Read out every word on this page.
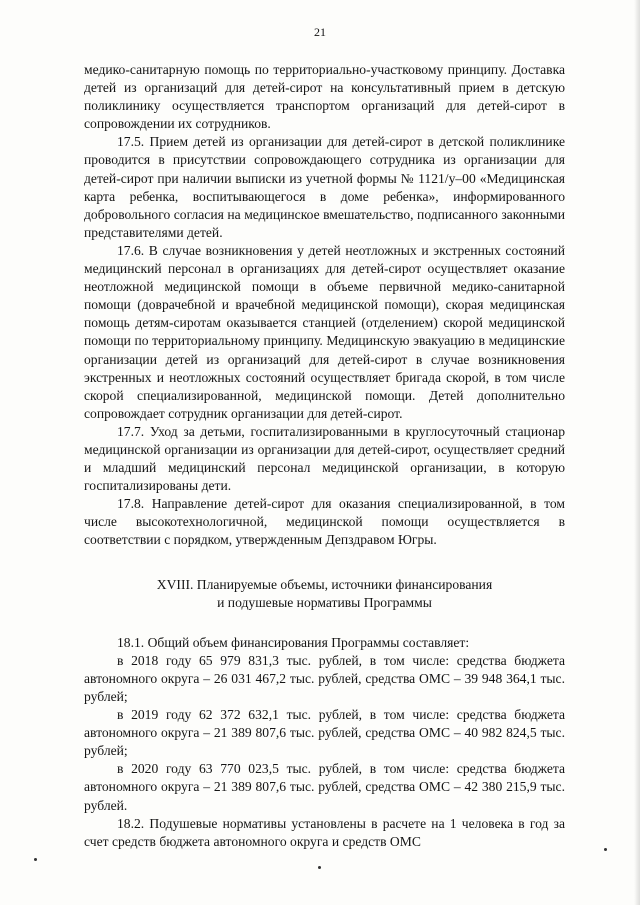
21

медико-санитарную помощь по территориально-участковому принципу. Доставка детей из организаций для детей-сирот на консультативный прием в детскую поликлинику осуществляется транспортом организаций для детей-сирот в сопровождении их сотрудников.

17.5. Прием детей из организации для детей-сирот в детской поликлинике проводится в присутствии сопровождающего сотрудника из организации для детей-сирот при наличии выписки из учетной формы № 1121/у–00 «Медицинская карта ребенка, воспитывающегося в доме ребенка», информированного добровольного согласия на медицинское вмешательство, подписанного законными представителями детей.

17.6. В случае возникновения у детей неотложных и экстренных состояний медицинский персонал в организациях для детей-сирот осуществляет оказание неотложной медицинской помощи в объеме первичной медико-санитарной помощи (доврачебной и врачебной медицинской помощи), скорая медицинская помощь детям-сиротам оказывается станцией (отделением) скорой медицинской помощи по территориальному принципу. Медицинскую эвакуацию в медицинские организации детей из организаций для детей-сирот в случае возникновения экстренных и неотложных состояний осуществляет бригада скорой, в том числе скорой специализированной, медицинской помощи. Детей дополнительно сопровождает сотрудник организации для детей-сирот.

17.7. Уход за детьми, госпитализированными в круглосуточный стационар медицинской организации из организации для детей-сирот, осуществляет средний и младший медицинский персонал медицинской организации, в которую госпитализированы дети.

17.8. Направление детей-сирот для оказания специализированной, в том числе высокотехнологичной, медицинской помощи осуществляется в соответствии с порядком, утвержденным Депздравом Югры.

XVIII. Планируемые объемы, источники финансирования
и подушевые нормативы Программы

18.1. Общий объем финансирования Программы составляет:

в 2018 году 65 979 831,3 тыс. рублей, в том числе: средства бюджета автономного округа – 26 031 467,2 тыс. рублей, средства ОМС – 39 948 364,1 тыс. рублей;

в 2019 году 62 372 632,1 тыс. рублей, в том числе: средства бюджета автономного округа – 21 389 807,6 тыс. рублей, средства ОМС – 40 982 824,5 тыс. рублей;

в 2020 году 63 770 023,5 тыс. рублей, в том числе: средства бюджета автономного округа – 21 389 807,6 тыс. рублей, средства ОМС – 42 380 215,9 тыс. рублей.

18.2. Подушевые нормативы установлены в расчете на 1 человека в год за счет средств бюджета автономного округа и средств ОМС
